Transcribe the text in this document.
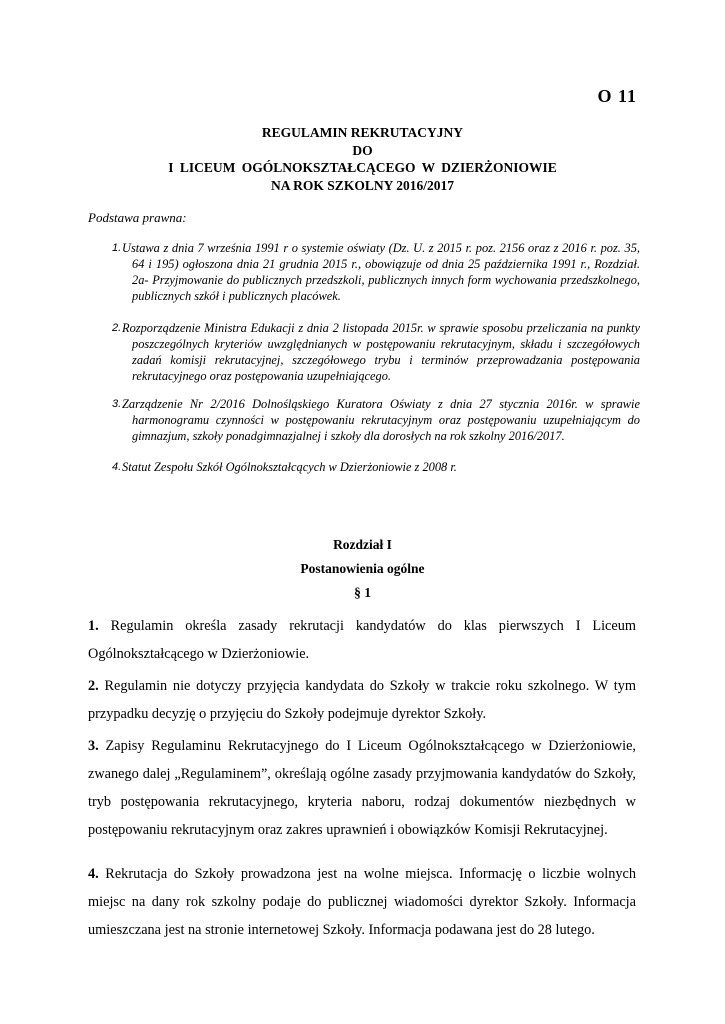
O 11
REGULAMIN REKRUTACYJNY
DO
I LICEUM OGÓLNOKSZTAŁCĄCEGO W DZIERŻONIOWIE
NA ROK SZKOLNY 2016/2017
Podstawa prawna:
1. Ustawa z dnia 7 września 1991 r o systemie oświaty (Dz. U. z 2015 r. poz. 2156 oraz z 2016 r. poz. 35, 64 i 195) ogłoszona dnia 21 grudnia 2015 r., obowiązuje od dnia 25 października 1991 r., Rozdział. 2a- Przyjmowanie do publicznych przedszkoli, publicznych innych form wychowania przedszkolnego, publicznych szkół i publicznych placówek.
2. Rozporządzenie Ministra Edukacji z dnia 2 listopada 2015r. w sprawie sposobu przeliczania na punkty poszczególnych kryteriów uwzględnianych w postępowaniu rekrutacyjnym, składu i szczegółowych zadań komisji rekrutacyjnej, szczegółowego trybu i terminów przeprowadzania postępowania rekrutacyjnego oraz postępowania uzupełniającego.
3. Zarządzenie Nr 2/2016 Dolnośląskiego Kuratora Oświaty z dnia 27 stycznia 2016r. w sprawie harmonogramu czynności w postępowaniu rekrutacyjnym oraz postępowaniu uzupełniającym do gimnazjum, szkoły ponadgimnazjalnej i szkoły dla dorosłych na rok szkolny 2016/2017.
4. Statut Zespołu Szkół Ogólnokształcących w Dzierżoniowie z 2008 r.
Rozdział I
Postanowienia ogólne
§ 1
1. Regulamin określa zasady rekrutacji kandydatów do klas pierwszych I Liceum Ogólnokształcącego w Dzierżoniowie.
2. Regulamin nie dotyczy przyjęcia kandydata do Szkoły w trakcie roku szkolnego. W tym przypadku decyzję o przyjęciu do Szkoły podejmuje dyrektor Szkoły.
3. Zapisy Regulaminu Rekrutacyjnego do I Liceum Ogólnokształcącego w Dzierżoniowie, zwanego dalej „Regulaminem”, określają ogólne zasady przyjmowania kandydatów do Szkoły, tryb postępowania rekrutacyjnego, kryteria naboru, rodzaj dokumentów niezbędnych w postępowaniu rekrutacyjnym oraz zakres uprawnień i obowiązków Komisji Rekrutacyjnej.
4. Rekrutacja do Szkoły prowadzona jest na wolne miejsca. Informację o liczbie wolnych miejsc na dany rok szkolny podaje do publicznej wiadomości dyrektor Szkoły. Informacja umieszczana jest na stronie internetowej Szkoły. Informacja podawana jest do 28 lutego.
